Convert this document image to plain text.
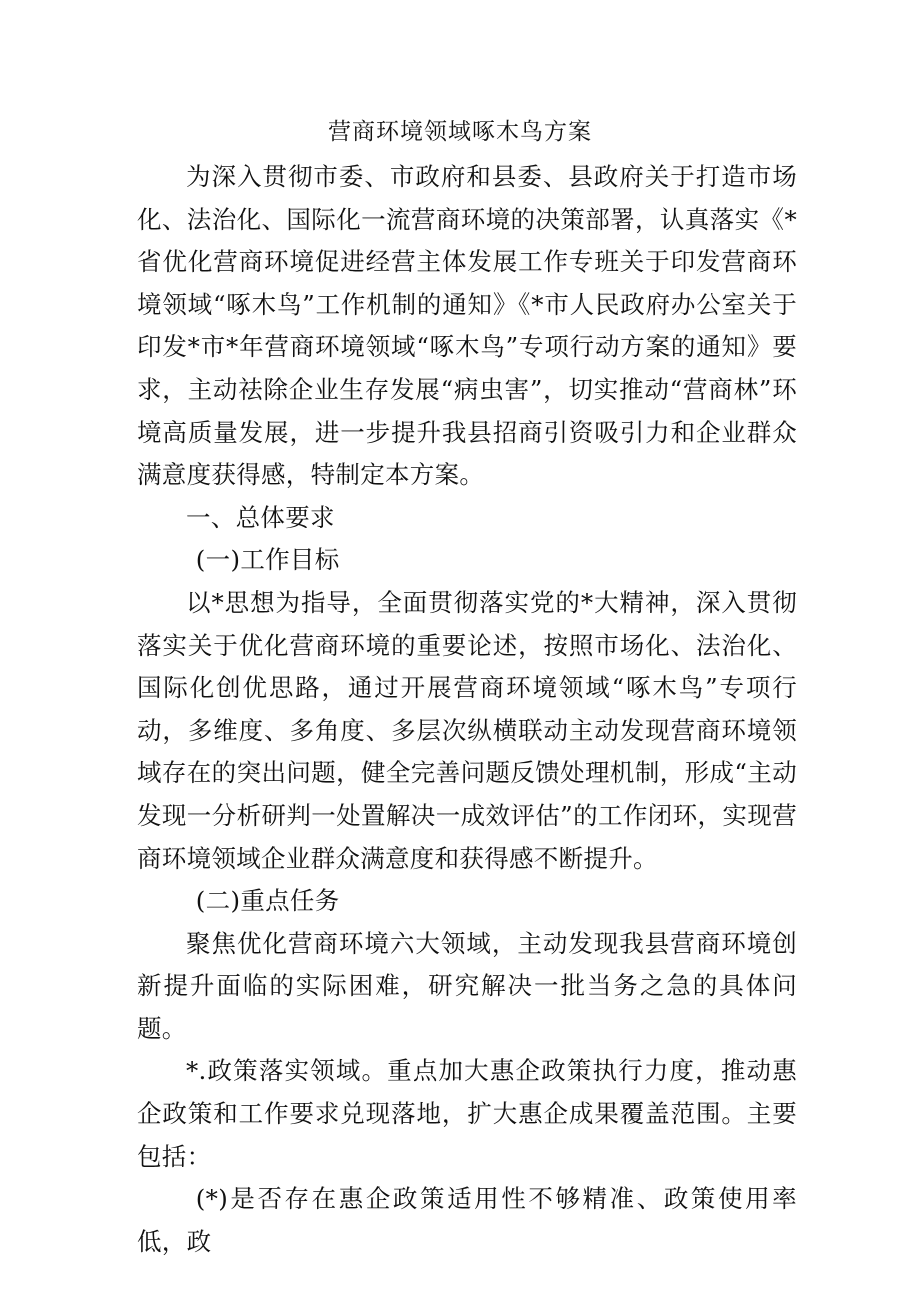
营商环境领域啄木鸟方案

为深入贯彻市委、市政府和县委、县政府关于打造市场化、法治化、国际化一流营商环境的决策部署，认真落实《*省优化营商环境促进经营主体发展工作专班关于印发营商环境领域“啄木鸟”工作机制的通知》《*市人民政府办公室关于印发*市*年营商环境领域“啄木鸟”专项行动方案的通知》要求，主动祛除企业生存发展“病虫害”，切实推动“营商林”环境高质量发展，进一步提升我县招商引资吸引力和企业群众满意度获得感，特制定本方案。

一、总体要求

(一)工作目标

以*思想为指导，全面贯彻落实党的*大精神，深入贯彻落实关于优化营商环境的重要论述，按照市场化、法治化、国际化创优思路，通过开展营商环境领域“啄木鸟”专项行动，多维度、多角度、多层次纵横联动主动发现营商环境领域存在的突出问题，健全完善问题反馈处理机制，形成“主动发现一分析研判一处置解决一成效评估”的工作闭环，实现营商环境领域企业群众满意度和获得感不断提升。

(二)重点任务

聚焦优化营商环境六大领域，主动发现我县营商环境创新提升面临的实际困难，研究解决一批当务之急的具体问题。

*.政策落实领域。重点加大惠企政策执行力度，推动惠企政策和工作要求兑现落地，扩大惠企成果覆盖范围。主要包括：

(*)是否存在惠企政策适用性不够精准、政策使用率低，政
